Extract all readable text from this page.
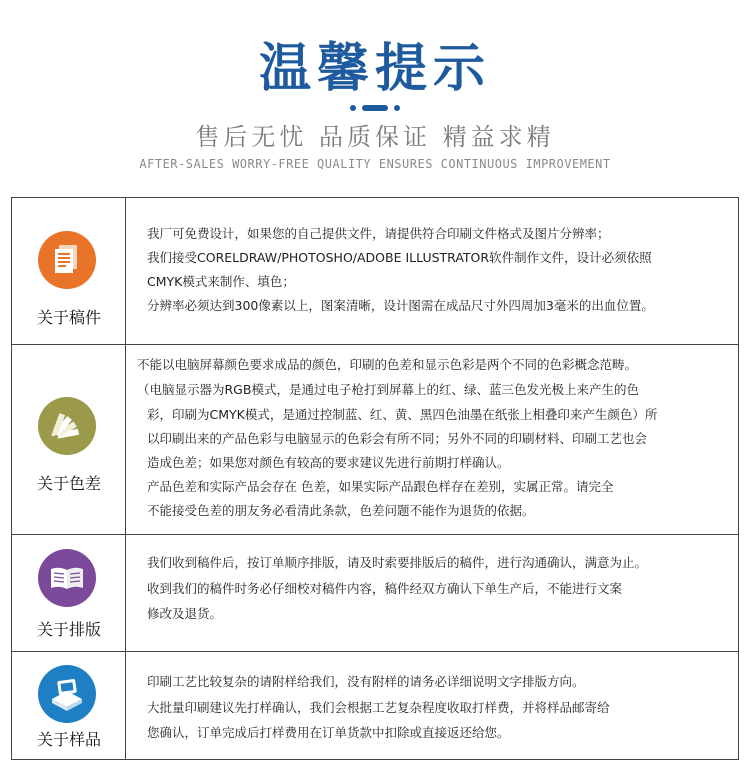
温馨提示
售后无忧 品质保证 精益求精
AFTER-SALES WORRY-FREE QUALITY ENSURES CONTINUOUS IMPROVEMENT
关于稿件
我厂可免费设计，如果您的自己提供文件，请提供符合印刷文件格式及图片分辨率；
我们接受CORELDRAW/PHOTOSHO/ADOBE ILLUSTRATOR软件制作文件，设计必须依照
CMYK模式来制作、填色；
分辨率必须达到300像素以上，图案清晰，设计图需在成品尺寸外四周加3毫米的出血位置。
关于色差
不能以电脑屏幕颜色要求成品的颜色，印刷的色差和显示色彩是两个不同的色彩概念范畴。
（电脑显示器为RGB模式，是通过电子枪打到屏幕上的红、绿、蓝三色发光极上来产生的色
彩，印刷为CMYK模式，是通过控制蓝、红、黄、黑四色油墨在纸张上相叠印来产生颜色）所
以印刷出来的产品色彩与电脑显示的色彩会有所不同；另外不同的印刷材料、印刷工艺也会
造成色差；如果您对颜色有较高的要求建议先进行前期打样确认。
产品色差和实际产品会存在 色差，如果实际产品跟色样存在差别，实属正常。请完全
不能接受色差的朋友务必看清此条款，色差问题不能作为退货的依据。
关于排版
我们收到稿件后，按订单顺序排版，请及时索要排版后的稿件，进行沟通确认，满意为止。
收到我们的稿件时务必仔细校对稿件内容，稿件经双方确认下单生产后，不能进行文案
修改及退货。
关于样品
印刷工艺比较复杂的请附样给我们，没有附样的请务必详细说明文字排版方向。
大批量印刷建议先打样确认，我们会根据工艺复杂程度收取打样费，并将样品邮寄给
您确认，订单完成后打样费用在订单货款中扣除或直接返还给您。
